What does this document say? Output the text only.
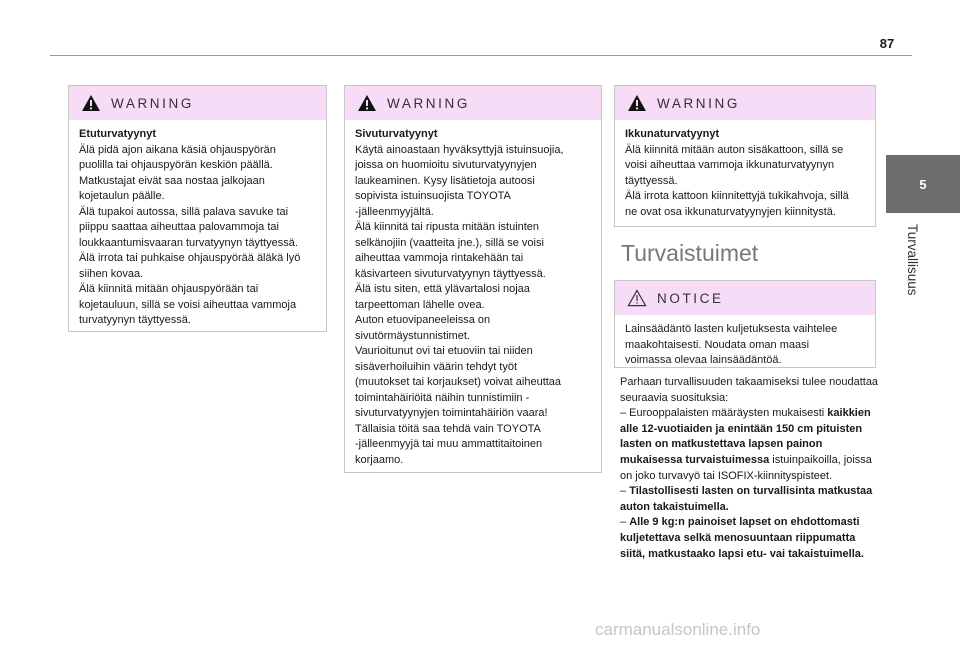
87
5
Turvallisuus
WARNING

Etuturvatyynyt

Älä pidä ajon aikana käsiä ohjauspyörän
puolilla tai ohjauspyörän keskiön päällä.
Matkustajat eivät saa nostaa jalkojaan
kojetaulun päälle.
Älä tupakoi autossa, sillä palava savuke tai
piippu saattaa aiheuttaa palovammoja tai
loukkaantumisvaaran turvatyynyn täyttyessä.
Älä irrota tai puhkaise ohjauspyörää äläkä lyö
siihen kovaa.
Älä kiinnitä mitään ohjauspyörään tai
kojetauluun, sillä se voisi aiheuttaa vammoja
turvatyynyn täyttyessä.

WARNING

Sivuturvatyynyt

Käytä ainoastaan hyväksyttyjä istuinsuojia,
joissa on huomioitu sivuturvatyynyjen
laukeaminen. Kysy lisätietoja autoosi
sopivista istuinsuojista TOYOTA
-jälleenmyyjältä.
Älä kiinnitä tai ripusta mitään istuinten
selkänojiin (vaatteita jne.), sillä se voisi
aiheuttaa vammoja rintakehään tai
käsivarteen sivuturvatyynyn täyttyessä.
Älä istu siten, että ylävartalosi nojaa
tarpeettoman lähelle ovea.
Auton etuovipaneeleissa on
sivutörmäystunnistimet.
Vaurioitunut ovi tai etuoviin tai niiden
sisäverhoiluihin väärin tehdyt työt
(muutokset tai korjaukset) voivat aiheuttaa
toimintahäiriöitä näihin tunnistimiin -
sivuturvatyynyjen toimintahäiriön vaara!
Tällaisia töitä saa tehdä vain TOYOTA
-jälleenmyyjä tai muu ammattitaitoinen
korjaamo.

WARNING

Ikkunaturvatyynyt

Älä kiinnitä mitään auton sisäkattoon, sillä se
voisi aiheuttaa vammoja ikkunaturvatyynyn
täyttyessä.
Älä irrota kattoon kiinnitettyjä tukikahvoja, sillä
ne ovat osa ikkunaturvatyynyjen kiinnitystä.

Turvaistuimet
NOTICE

Lainsäädäntö lasten kuljetuksesta vaihtelee
maakohtaisesti. Noudata oman maasi
voimassa olevaa lainsäädäntöä.

Parhaan turvallisuuden takaamiseksi tulee noudattaa seuraavia suosituksia:

– Eurooppalaisten määräysten mukaisesti kaikkien alle 12-vuotiaiden ja enintään 150 cm pituisten lasten on matkustettava lapsen painon mukaisessa turvaistuimessa istuinpaikoilla, joissa on joko turvavyö tai ISOFIX-kiinnityspisteet.

– Tilastollisesti lasten on turvallisinta matkustaa auton takaistuimella.

– Alle 9 kg:n painoiset lapset on ehdottomasti kuljetettava selkä menosuuntaan riippumatta siitä, matkustaako lapsi etu- vai takaistuimella.

carmanualsonline.info
